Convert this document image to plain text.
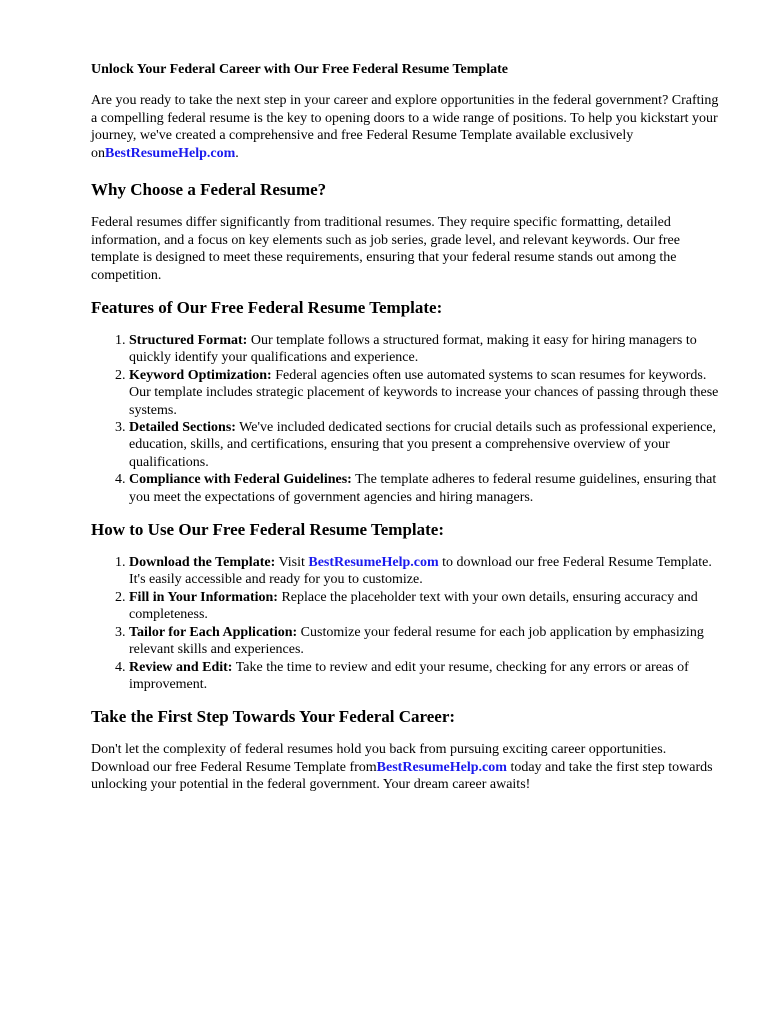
Unlock Your Federal Career with Our Free Federal Resume Template

Are you ready to take the next step in your career and explore opportunities in the federal government? Crafting a compelling federal resume is the key to opening doors to a wide range of positions. To help you kickstart your journey, we've created a comprehensive and free Federal Resume Template available exclusively onBestResumeHelp.com.

Why Choose a Federal Resume?

Federal resumes differ significantly from traditional resumes. They require specific formatting, detailed information, and a focus on key elements such as job series, grade level, and relevant keywords. Our free template is designed to meet these requirements, ensuring that your federal resume stands out among the competition.

Features of Our Free Federal Resume Template:
1. Structured Format: Our template follows a structured format, making it easy for hiring managers to quickly identify your qualifications and experience.
2. Keyword Optimization: Federal agencies often use automated systems to scan resumes for keywords. Our template includes strategic placement of keywords to increase your chances of passing through these systems.
3. Detailed Sections: We've included dedicated sections for crucial details such as professional experience, education, skills, and certifications, ensuring that you present a comprehensive overview of your qualifications.
4. Compliance with Federal Guidelines: The template adheres to federal resume guidelines, ensuring that you meet the expectations of government agencies and hiring managers.
How to Use Our Free Federal Resume Template:
1. Download the Template: Visit BestResumeHelp.com to download our free Federal Resume Template. It's easily accessible and ready for you to customize.
2. Fill in Your Information: Replace the placeholder text with your own details, ensuring accuracy and completeness.
3. Tailor for Each Application: Customize your federal resume for each job application by emphasizing relevant skills and experiences.
4. Review and Edit: Take the time to review and edit your resume, checking for any errors or areas of improvement.
Take the First Step Towards Your Federal Career:

Don't let the complexity of federal resumes hold you back from pursuing exciting career opportunities. Download our free Federal Resume Template fromBestResumeHelp.com today and take the first step towards unlocking your potential in the federal government. Your dream career awaits!
